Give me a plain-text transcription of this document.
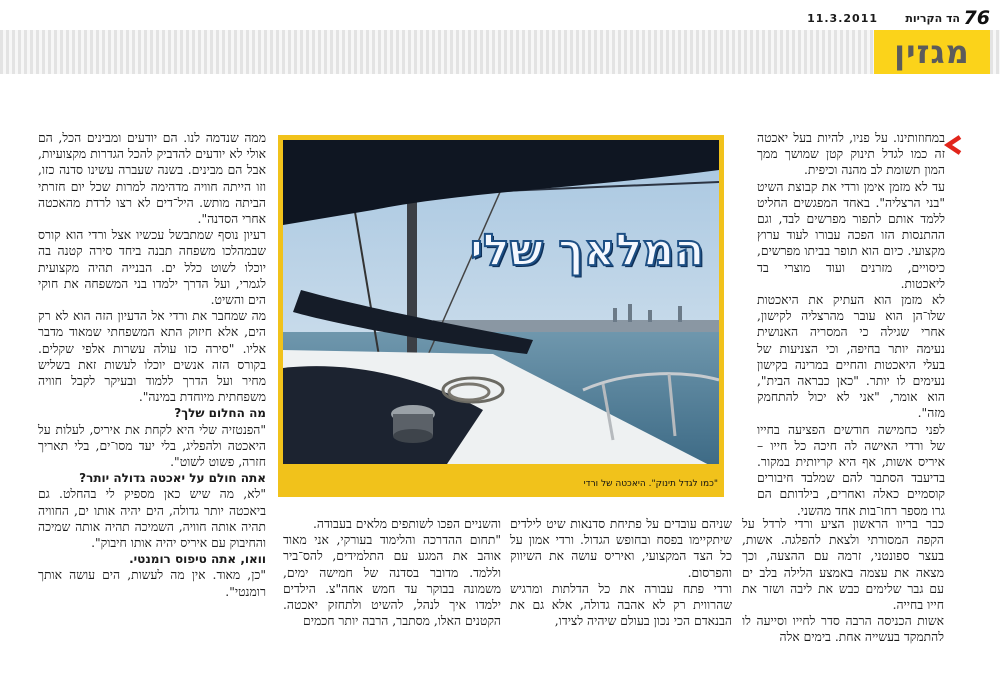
76
הד הקריות
11.3.2011
מגזין

במחוזותינו. על פניו, להיות בעל יאכטה זה כמו לגדל תינוק קטן שמושך ממך המון תשומת לב מהנה וכיפית.

עד לא מזמן אימן ורדי את קבוצת השיט "בני הרצליה". באחד המפגשים החליט ללמד אותם לתפור מפרשים לבד, וגם ההתנסות הזו הפכה עבורו לעוד ערוץ מקצועי. כיום הוא תופר בביתו מפרשים, כיסויים, מזרנים ועוד מוצרי בד ליאכטות.

לא מזמן הוא העתיק את היאכטות שלו־הן הוא עובר מהרצליה לקישון, אחרי שגילה כי המסריה האנושית נעימה יותר בחיפה, וכי הצניעות של בעלי היאכטות והחיים במרינה בקישון נעימים לו יותר. "כאן כבראה הבית", הוא אומר, "אני לא יכול להתחמק מזה".

לפני כחמישה חודשים הפציעה בחייו של ורדי האישה לה חיכה כל חייו – איריס אשות, אף היא קריותית במקור. בדיעבד הסתבר להם שמלבד חיבורים קוסמיים כאלה ואחרים, בילדותם הם גרו מספר רחו־בות אחד מהשני.

כבר בריוו הראשון הציע ורדי לרדל על הקפה המסורתי ולצאת להפלגה. אשות, בעצר ספונטני, זרמה עם ההצעה, וכך מצאה את עצמה באמצע הלילה בלב ים עם גבר שלימים כבש את ליבה ושזר את חייו בחייה.

אשות הכניסה הרבה סדר לחייו וסייעה לו להתמקד בעשייה אחת. בימים אלה

שניהם עובדים על פתיחת סדנאות שיט לילדים שיתקיימו בפסח ובחופש הגדול. ורדי אמון על כל הצד המקצועי, ואיריס עושה את השיווק והפרסום.

ורדי פתח עבורה את כל הדלתות ומרגיש שהרווית רק לא אהבה גדולה, אלא גם את הבנאדם הכי נכון בעולם שיהיה לצידו,

והשניים הפכו לשותפים מלאים בעבודה.

"תחום ההדרכה והלימוד בעורקי, אני מאוד אוהב את המגע עם התלמידים, להס־ביר וללמד. מדובר בסדנה של חמישה ימים, משמונה בבוקר עד חמש אחה"צ. הילדים ילמדו איך לנהל, להשיט ולתחזק יאכטה. הקטנים האלו, מסתבר, הרבה יותר חכמים

ממה שנדמה לנו. הם יודעים ומבינים הכל, הם אולי לא יודעים להדביק להכל הגדרות מקצועיות, אבל הם מבינים. בשנה שעברה עשינו סדנה כזו, וזו הייתה חוויה מדהימה למרות שכל יום חזרתי הביתה מותש. היל־דים לא רצו לרדת מהאכטה אחרי הסדנה".

רעיון נוסף שמתבשל עכשיו אצל ורדי הוא קורס שבמהלכו משפחה תבנה ביחד סירה קטנה בה יוכלו לשוט כלל ים. הבנייה תהיה מקצועית לגמרי, ועל הדרך ילמדו בני המשפחה את חוקי הים והשיט.

מה שמחבר את ורדי אל הדעיון הזה הוא לא רק הים, אלא חיזוק התא המשפחתי שמאוד מדבר אליו. "סירה כזו עולה עשרות אלפי שקלים. בקורס הזה אנשים יוכלו לעשות זאת בשליש מחיר ועל הדרך ללמוד ובעיקר לקבל חוויה משפחתית מיוחדת במינה".

מה החלום שלך?

"הפנטזיה שלי היא לקחת את איריס, לעלות על היאכטה ולהפליג, בלי יעד מסו־ים, בלי תאריך חזרה, פשוט לשוט".

אתה חולם על יאכטה גדולה יותר?

"לא, מה שיש כאן מספיק לי בהחלט. גם ביאכטה יותר גדולה, הים יהיה אותו ים, החוויה תהיה אותה חוויה, השמיכה תהיה אותה שמיכה והחיבוק עם איריס יהיה אותו חיבוק".

וואו, אתה טיפוס רומנטי.

"כן, מאוד. אין מה לעשות, הים עושה אותך רומנטי".

המלאך שלי
"כמו לגדל תינוק". היאכטה של ורדי
